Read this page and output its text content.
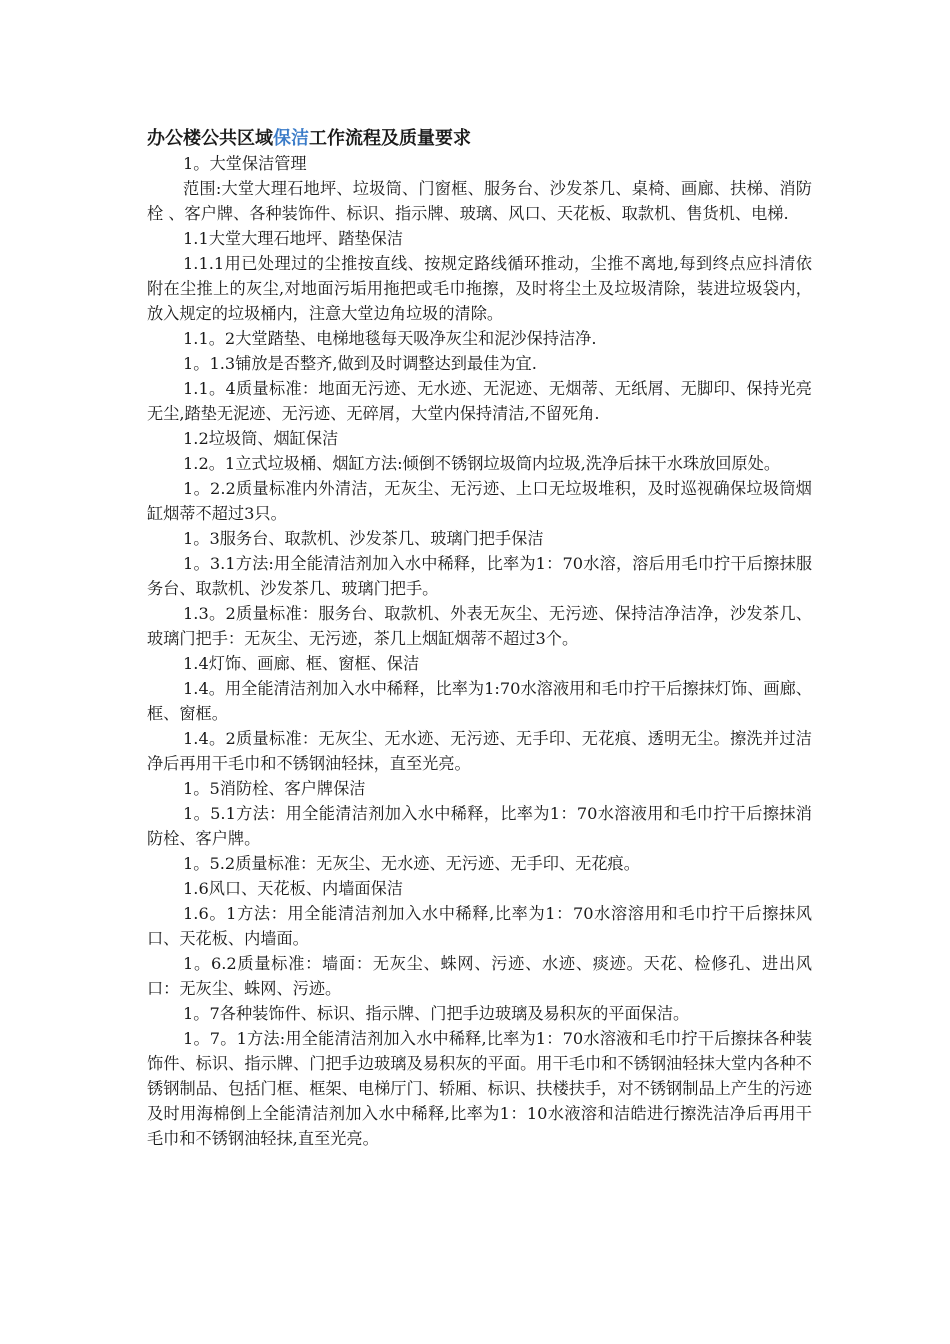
办公楼公共区域保洁工作流程及质量要求

1。大堂保洁管理

范围:大堂大理石地坪、垃圾筒、门窗框、服务台、沙发茶几、桌椅、画廊、扶梯、消防栓 、客户牌、各种装饰件、标识、指示牌、玻璃、风口、天花板、取款机、售货机、电梯.

1.1大堂大理石地坪、踏垫保洁

1.1.1用已处理过的尘推按直线、按规定路线循环推动，尘推不离地,每到终点应抖清依附在尘推上的灰尘,对地面污垢用拖把或毛巾拖擦，及时将尘土及垃圾清除，装进垃圾袋内，放入规定的垃圾桶内，注意大堂边角垃圾的清除。

1.1。2大堂踏垫、电梯地毯每天吸净灰尘和泥沙保持洁净.

1。1.3铺放是否整齐,做到及时调整达到最佳为宜.

1.1。4质量标准：地面无污迹、无水迹、无泥迹、无烟蒂、无纸屑、无脚印、保持光亮无尘,踏垫无泥迹、无污迹、无碎屑，大堂内保持清洁,不留死角.

1.2垃圾筒、烟缸保洁

1.2。1立式垃圾桶、烟缸方法:倾倒不锈钢垃圾筒内垃圾,洗净后抹干水珠放回原处。

1。2.2质量标准内外清洁，无灰尘、无污迹、上口无垃圾堆积，及时巡视确保垃圾筒烟缸烟蒂不超过3只。

1。3服务台、取款机、沙发茶几、玻璃门把手保洁

1。3.1方法:用全能清洁剂加入水中稀释，比率为1：70水溶，溶后用毛巾拧干后擦抹服务台、取款机、沙发茶几、玻璃门把手。

1.3。2质量标准：服务台、取款机、外表无灰尘、无污迹、保持洁净洁净，沙发茶几、玻璃门把手：无灰尘、无污迹，茶几上烟缸烟蒂不超过3个。

1.4灯饰、画廊、框、窗框、保洁

1.4。用全能清洁剂加入水中稀释，比率为1:70水溶液用和毛巾拧干后擦抹灯饰、画廊、框、窗框。

1.4。2质量标准：无灰尘、无水迹、无污迹、无手印、无花痕、透明无尘。擦洗并过洁净后再用干毛巾和不锈钢油轻抹，直至光亮。

1。5消防栓、客户牌保洁

1。5.1方法：用全能清洁剂加入水中稀释，比率为1：70水溶液用和毛巾拧干后擦抹消防栓、客户牌。

1。5.2质量标准：无灰尘、无水迹、无污迹、无手印、无花痕。

1.6风口、天花板、内墙面保洁

1.6。1方法：用全能清洁剂加入水中稀释,比率为1：70水溶溶用和毛巾拧干后擦抹风口、天花板、内墙面。

1。6.2质量标准：墙面：无灰尘、蛛网、污迹、水迹、痰迹。天花、检修孔、进出风口：无灰尘、蛛网、污迹。

1。7各种装饰件、标识、指示牌、门把手边玻璃及易积灰的平面保洁。

1。7。1方法:用全能清洁剂加入水中稀释,比率为1：70水溶液和毛巾拧干后擦抹各种装饰件、标识、指示牌、门把手边玻璃及易积灰的平面。用干毛巾和不锈钢油轻抹大堂内各种不锈钢制品、包括门框、框架、电梯厅门、轿厢、标识、扶楼扶手，对不锈钢制品上产生的污迹及时用海棉倒上全能清洁剂加入水中稀释,比率为1：10水液溶和洁皓进行擦洗洁净后再用干毛巾和不锈钢油轻抹,直至光亮。
